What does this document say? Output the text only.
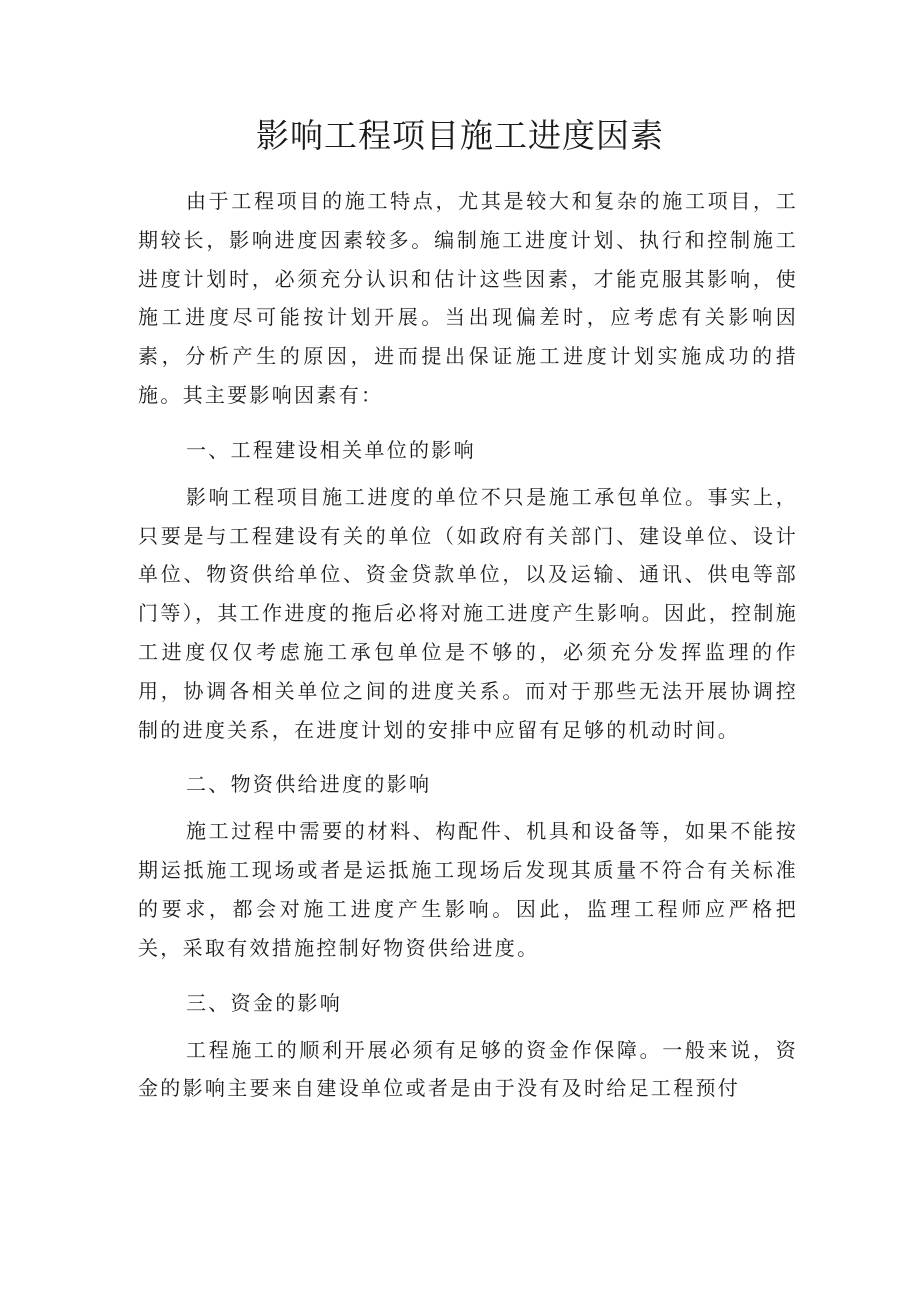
影响工程项目施工进度因素

由于工程项目的施工特点，尤其是较大和复杂的施工项目，工期较长，影响进度因素较多。编制施工进度计划、执行和控制施工进度计划时，必须充分认识和估计这些因素，才能克服其影响，使施工进度尽可能按计划开展。当出现偏差时，应考虑有关影响因素，分析产生的原因，进而提出保证施工进度计划实施成功的措施。其主要影响因素有：

一、工程建设相关单位的影响

影响工程项目施工进度的单位不只是施工承包单位。事实上，只要是与工程建设有关的单位（如政府有关部门、建设单位、设计单位、物资供给单位、资金贷款单位，以及运输、通讯、供电等部门等），其工作进度的拖后必将对施工进度产生影响。因此，控制施工进度仅仅考虑施工承包单位是不够的，必须充分发挥监理的作用，协调各相关单位之间的进度关系。而对于那些无法开展协调控制的进度关系，在进度计划的安排中应留有足够的机动时间。

二、物资供给进度的影响

施工过程中需要的材料、构配件、机具和设备等，如果不能按期运抵施工现场或者是运抵施工现场后发现其质量不符合有关标准的要求，都会对施工进度产生影响。因此，监理工程师应严格把关，采取有效措施控制好物资供给进度。

三、资金的影响

工程施工的顺利开展必须有足够的资金作保障。一般来说，资金的影响主要来自建设单位或者是由于没有及时给足工程预付
